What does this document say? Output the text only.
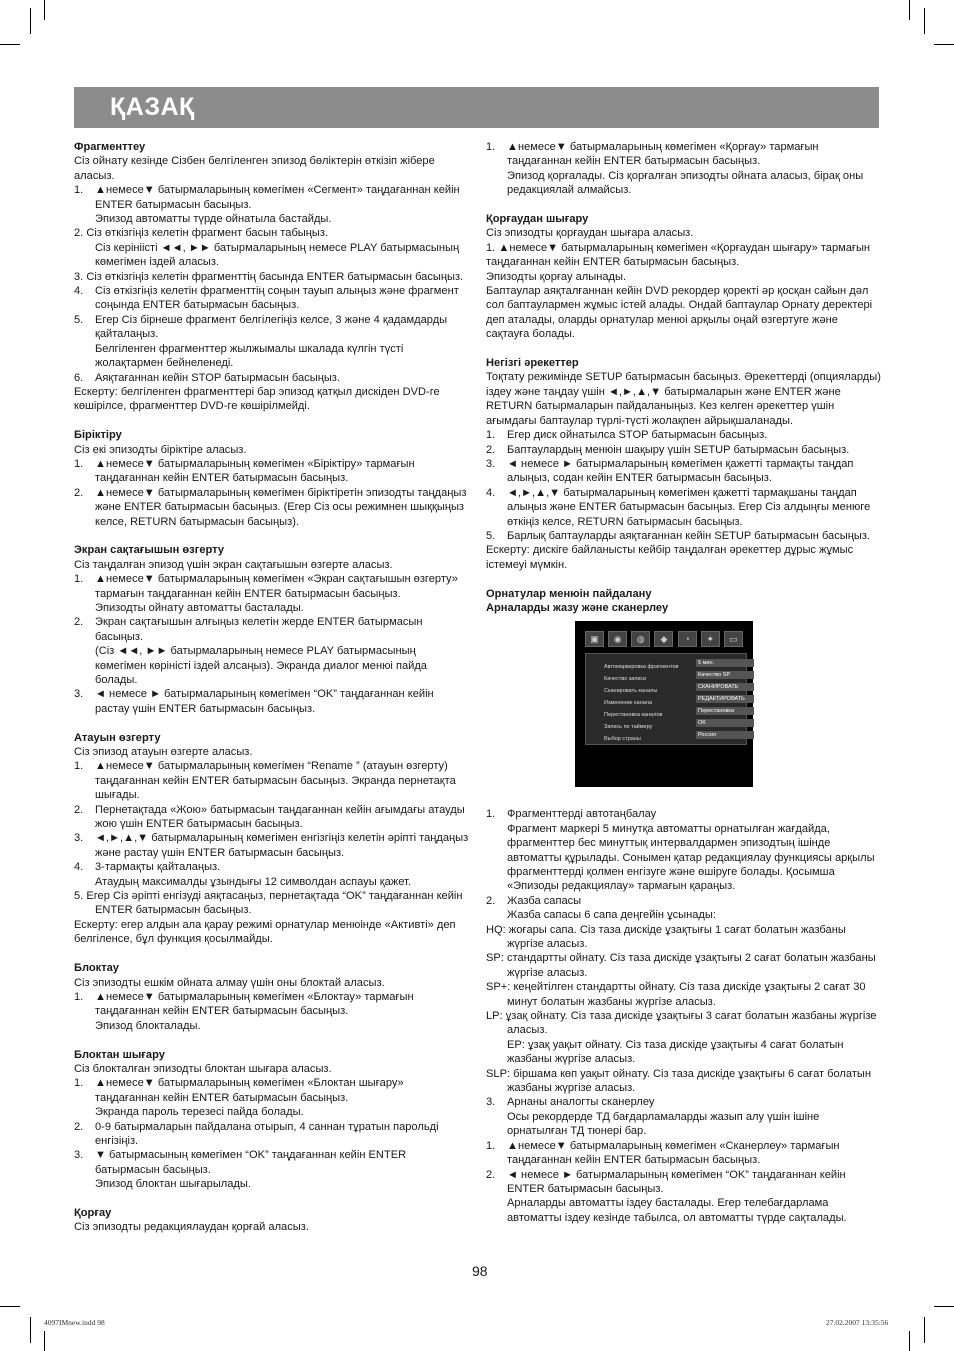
ҚАЗАҚ
Фрагменттеу
Сіз ойнату кезінде Сізбен белгіленген эпизод бөліктерін өткізіп жібере аласыз.
1.	▲немесе▼ батырмаларының көмегімен «Сегмент» таңдағаннан кейін ENTER батырмасын басыңыз.
Эпизод автоматты түрде ойнатыла бастайды.
2. Сіз өткізгіңіз келетін фрагмент басын табыңыз.
Сіз керініісті ◄◄, ►► батырмаларының немесе PLAY батырмасының көмегімен іздей аласыз.
3. Сіз өткізгіңіз келетін фрагменттің басында ENTER батырмасын басыңыз.
4.	Сіз өткізгіңіз келетін фрагменттің соңын тауып алыңыз және фрагмент соңында ENTER батырмасын басыңыз.
5.	Егер Сіз бірнеше фрагмент белгілегіңіз келсе, 3 және 4 қадамдарды қайталаңыз.
Белгіленген фрагменттер жылжымалы шкалада күлгін түсті жолақтармен бейнеленеді.
6.	Аяқтағаннан кейін STOP батырмасын басыңыз.
Ескерту: белгіленген фрагменттері бар эпизод қатқыл дискіден DVD-ге көшірілсе, фрагменттер DVD-ге көшірілмейді.
Біріктіру
Сіз екі эпизодты біріктіре аласыз.
1.	▲немесе▼ батырмаларының көмегімен «Біріктіру» тармағын таңдағаннан кейін ENTER батырмасын басыңыз.
2.	▲немесе▼ батырмаларының көмегімен біріктіретін эпизодты таңдаңыз және ENTER батырмасын басыңыз. (Егер Сіз осы режимнен шыққыңыз келсе, RETURN батырмасын басыңыз).
Экран сақтағышын өзгерту
Сіз таңдалған эпизод үшін экран сақтағышын өзгерте аласыз.
1.	▲немесе▼ батырмаларының көмегімен «Экран сақтағышын өзгерту» тармағын таңдағаннан кейін ENTER батырмасын басыңыз.
Эпизодты ойнату автоматты басталады.
2.	Экран сақтағышын алғыңыз келетін жерде ENTER батырмасын басыңыз.
(Сіз ◄◄, ►► батырмаларының немесе PLAY батырмасының көмегімен көріністі іздей алсаңыз). Экранда диалог менюі пайда болады.
3.	◄ немесе ► батырмаларының көмегімен “OK” таңдағаннан кейін растау үшін ENTER батырмасын басыңыз.
Атауын өзгерту
Сіз эпизод атауын өзгерте аласыз.
1.	▲немесе▼ батырмаларының көмегімен “Rename ” (атауын өзгерту) таңдағаннан кейін ENTER батырмасын басыңыз. Экранда пернетақта шығады.
2.	Пернетақтада «Жою» батырмасын таңдағаннан кейін ағымдағы атауды жою үшін ENTER батырмасын басыңыз.
3.	◄,►,▲,▼ батырмаларының көмегімен енгізгіңіз келетін әріпті таңдаңыз және растау үшін ENTER батырмасын басыңыз.
4.	3-тармақты қайталаңыз.
Атаудың максималды ұзындығы 12 символдан аспауы қажет.
5. Егер Сіз әріпті енгізуді аяқтасаңыз, пернетақтада “OK” таңдағаннан кейін ENTER батырмасын басыңыз.
Ескерту: егер алдын ала қарау режимі орнатулар менюінде «Активті» деп белгіленсе, бұл функция қосылмайды.
Блоктау
Сіз эпизодты ешкім ойната алмау үшін оны блоктай аласыз.
1.	▲немесе▼ батырмаларының көмегімен «Блоктау» тармағын таңдағаннан кейін ENTER батырмасын басыңыз.
Эпизод блокталады.
Блоктан шығару
Сіз блокталған эпизодты блоктан шығара аласыз.
1.	▲немесе▼ батырмаларының көмегімен «Блоктан шығару» таңдағаннан кейін ENTER батырмасын басыңыз.
Экранда пароль терезесі пайда болады.
2.	0-9 батырмаларын пайдалана отырып, 4 саннан тұратын парольді енгізіңіз.
3.	▼ батырмасының көмегімен “OK” таңдағаннан кейін ENTER батырмасын басыңыз.
Эпизод блоктан шығарылады.
Қорғау
Сіз эпизодты редакциялаудан қорғай аласыз.
1.	▲немесе▼ батырмаларының көмегімен «Қорғау» тармағын таңдағаннан кейін ENTER батырмасын басыңыз.
Эпизод қорғалады. Сіз қорғалған эпизодты ойната аласыз, бірақ оны редакциялай алмайсыз.
Қорғаудан шығару
Сіз эпизодты қорғаудан шығара аласыз.
1. ▲немесе▼ батырмаларының көмегімен «Қорғаудан шығару» тармағын таңдағаннан кейін ENTER батырмасын басыңыз.
Эпизодты қорғау алынады.
Баптаулар аяқталғаннан кейін DVD рекордер қоректі әр қосқан сайын дәл сол баптаулармен жұмыс істей алады. Ондай баптаулар Орнату деректері деп аталады, оларды орнатулар менюі арқылы оңай өзгертуге және сақтауға болады.
Негізгі әрекеттер
Тоқтату режимінде SETUP батырмасын басыңыз. Әрекеттерді (опцияларды) іздеу және таңдау үшін ◄,►,▲,▼ батырмаларын және ENTER және RETURN батырмаларын пайдаланыңыз. Кез келген әрекеттер үшін ағымдағы баптаулар түрлі-түсті жолақпен айрықшаланады.
1.	Егер диск ойнатылса STOP батырмасын басыңыз.
2.	Баптаулардың менюін шақыру үшін SETUP батырмасын басыңыз.
3.	◄ немесе ► батырмаларының көмегімен қажетті тармақты таңдап алыңыз, содан кейін ENTER батырмасын басыңыз.
4.	◄,►,▲,▼ батырмаларының көмегімен қажетті тармақшаны таңдап алыңыз және ENTER батырмасын басыңыз. Егер Сіз алдыңғы менюге өткіңіз келсе, RETURN батырмасын басыңыз.
5.	Барлық баптауларды аяқтағаннан кейін SETUP батырмасын басыңыз.
Ескерту: дискіге байланысты кейбір таңдалған әрекеттер дұрыс жұмыс істемеуі мүмкін.
Орнатулар менюін пайдалану
Арналарды жазу және сканерлеу
▣	◉	◍	◆	◔	✦	▭
Автомаркировка фрагментов
5 мин.
Качество записи
Качество SP
Сканировать каналы
СКАНИРОВАТЬ
Изменение канала
РЕДАКТИРОВАТЬ
Перестановка каналов
Перестановка
Запись по таймеру
OK
Выбор страны
Россия
1.	Фрагменттерді автотаңбалау
Фрагмент маркері 5 минутқа автоматты орнатылған жағдайда, фрагменттер бес минуттық интервалдармен эпизодтың ішінде автоматты құрылады. Сонымен қатар редакциялау функциясы арқылы фрагменттерді қолмен енгізуге және өшіруге болады. Қосымша «Эпизоды редакциялау» тармағын қараңыз.
2.	Жазба сапасы
Жазба сапасы 6 сапа деңгейін ұсынады:
HQ: жоғары сапа. Сіз таза дискіде ұзақтығы 1 сағат болатын жазбаны жүргізе аласыз.
SP: стандартты ойнату. Сіз таза дискіде ұзақтығы 2 сағат болатын жазбаны жүргізе аласыз.
SP+: кеңейтілген стандартты ойнату. Сіз таза дискіде ұзақтығы 2 сағат 30 минут болатын жазбаны жүргізе аласыз.
LP: ұзақ ойнату. Сіз таза дискіде ұзақтығы 3 сағат болатын жазбаны жүргізе аласыз.
EP: ұзақ уақыт ойнату. Сіз таза дискіде ұзақтығы 4 сағат болатын жазбаны жүргізе аласыз.
SLP: біршама көп уақыт ойнату. Сіз таза дискіде ұзақтығы 6 сағат болатын жазбаны жүргізе аласыз.
3.	Арнаны аналогты сканерлеу
Осы рекордерде ТД бағдарламаларды жазып алу үшін ішіне орнатылған ТД тюнері бар.
1.	▲немесе▼ батырмаларының көмегімен «Сканерлеу» тармағын таңдағаннан кейін ENTER батырмасын басыңыз.
2.	◄ немесе ► батырмаларының көмегімен “OK” таңдағаннан кейін ENTER батырмасын басыңыз.
Арналарды автоматты іздеу басталады. Егер телебағдарлама автоматты іздеу кезінде табылса, ол автоматты түрде сақталады.
98
4097IMnew.indd 98	27.02.2007 13:35:56
